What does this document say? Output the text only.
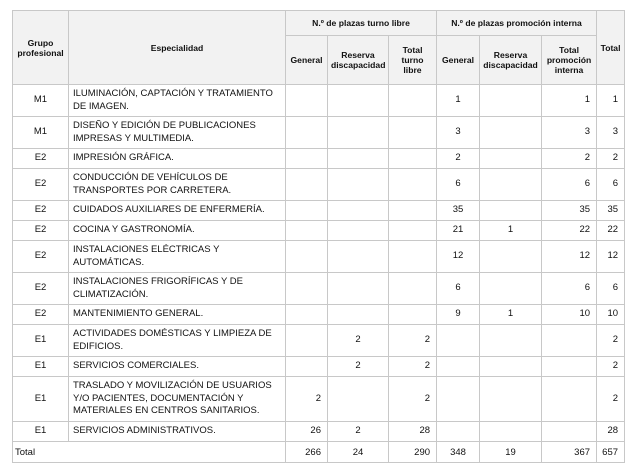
Grupo profesional	Especialidad	N.º de plazas turno libre			N.º de plazas promoción interna			Total
		General	Reserva discapacidad	Total turno libre	General	Reserva discapacidad	Total promoción interna	
M1	ILUMINACIÓN, CAPTACIÓN Y TRATAMIENTO DE IMAGEN.				1		1	1
M1	DISEÑO Y EDICIÓN DE PUBLICACIONES IMPRESAS Y MULTIMEDIA.				3		3	3
E2	IMPRESIÓN GRÁFICA.				2		2	2
E2	CONDUCCIÓN DE VEHÍCULOS DE TRANSPORTES POR CARRETERA.				6		6	6
E2	CUIDADOS AUXILIARES DE ENFERMERÍA.				35		35	35
E2	COCINA Y GASTRONOMÍA.				21	1	22	22
E2	INSTALACIONES ELÉCTRICAS Y AUTOMÁTICAS.				12		12	12
E2	INSTALACIONES FRIGORÍFICAS Y DE CLIMATIZACIÓN.				6		6	6
E2	MANTENIMIENTO GENERAL.				9	1	10	10
E1	ACTIVIDADES DOMÉSTICAS Y LIMPIEZA DE EDIFICIOS.		2	2				2
E1	SERVICIOS COMERCIALES.		2	2				2
E1	TRASLADO Y MOVILIZACIÓN DE USUARIOS Y/O PACIENTES, DOCUMENTACIÓN Y MATERIALES EN CENTROS SANITARIOS.	2		2				2
E1	SERVICIOS ADMINISTRATIVOS.	26	2	28				28
Total		266	24	290	348	19	367	657
